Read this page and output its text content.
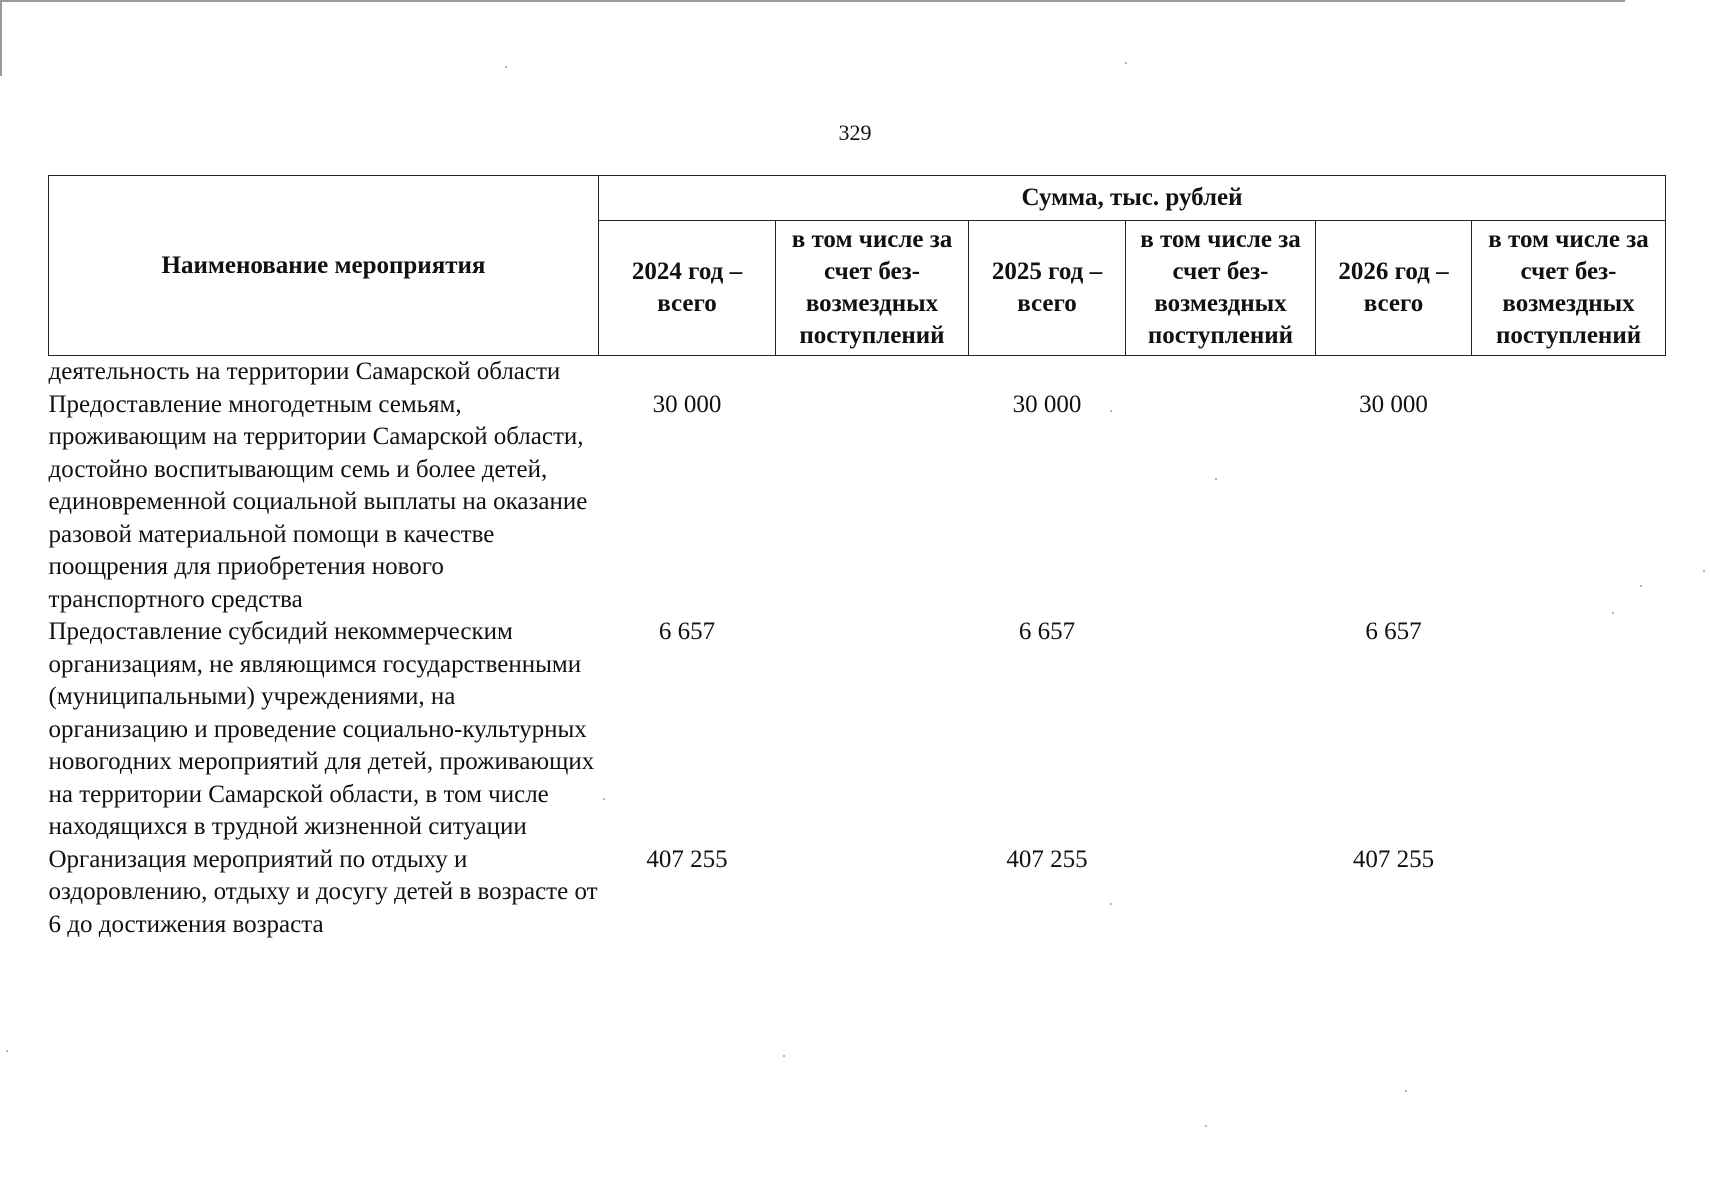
329
Наименование мероприятия	Сумма, тыс. рублей					
	2024 год – всего	в том числе за счет без-возмездных поступлений	2025 год – всего	в том числе за счет без-возмездных поступлений	2026 год – всего	в том числе за счет без-возмездных поступлений
деятельность на территории Самарской области						
Предоставление многодетным семьям, проживающим на территории Самарской области, достойно воспитывающим семь и более детей, единовременной социальной выплаты на оказание разовой материальной помощи в качестве поощрения для приобретения нового транспортного средства	30 000		30 000		30 000	
Предоставление субсидий некоммерческим организациям, не являющимся государственными (муниципальными) учреждениями, на организацию и проведение социально-культурных новогодних мероприятий для детей, проживающих на территории Самарской области, в том числе находящихся в трудной жизненной ситуации	6 657		6 657		6 657	
Организация мероприятий по отдыху и оздоровлению, отдыху и досугу детей в возрасте от 6 до достижения возраста	407 255		407 255		407 255	
